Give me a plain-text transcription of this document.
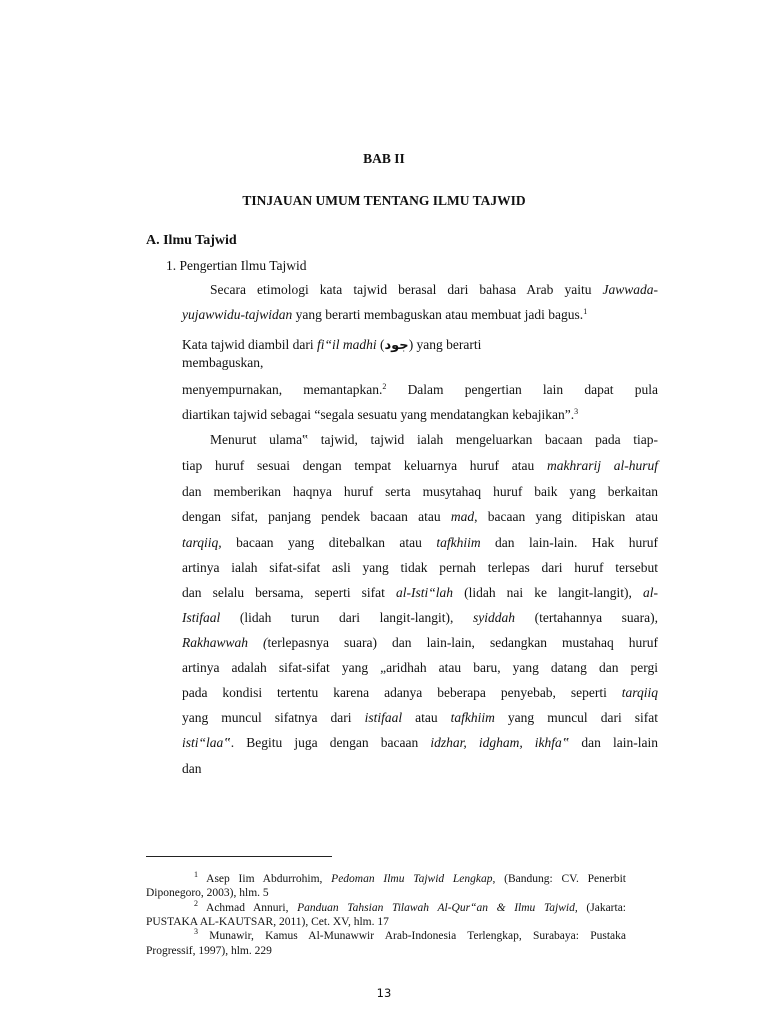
BAB II
TINJAUAN UMUM TENTANG ILMU TAJWID
A. Ilmu Tajwid
1. Pengertian Ilmu Tajwid
Secara etimologi kata tajwid berasal dari bahasa Arab yaitu Jawwada-
yujawwidu-tajwidan yang berarti membaguskan atau membuat jadi bagus.$^1$
Kata tajwid diambil dari fi“il madhi (جود) yang berarti
membaguskan,
menyempurnakan, memantapkan.$^2$ Dalam pengertian lain dapat pula
diartikan tajwid sebagai “segala sesuatu yang mendatangkan kebajikan”.$^3$
Menurut ulama‟ tajwid, tajwid ialah mengeluarkan bacaan pada tiap-
tiap huruf sesuai dengan tempat keluarnya huruf atau makhrarij al-huruf
dan memberikan haqnya huruf serta musytahaq huruf baik yang berkaitan
dengan sifat, panjang pendek bacaan atau mad, bacaan yang ditipiskan atau
tarqiiq, bacaan yang ditebalkan atau tafkhiim dan lain-lain. Hak huruf
artinya ialah sifat-sifat asli yang tidak pernah terlepas dari huruf tersebut
dan selalu bersama, seperti sifat al-Isti“lah (lidah nai ke langit-langit), al-
Istifaal (lidah turun dari langit-langit), syiddah (tertahannya suara),
Rakhawwah (terlepasnya suara) dan lain-lain, sedangkan mustahaq huruf
artinya adalah sifat-sifat yang „aridhah atau baru, yang datang dan pergi
pada kondisi tertentu karena adanya beberapa penyebab, seperti tarqiiq
yang muncul sifatnya dari istifaal atau tafkhiim yang muncul dari sifat
isti“laa‟. Begitu juga dengan bacaan idzhar, idgham, ikhfa‟ dan lain-lain
dan
$^1$ Asep Iim Abdurrohim, Pedoman Ilmu Tajwid Lengkap, (Bandung: CV. Penerbit
Diponegoro, 2003), hlm. 5
$^2$ Achmad Annuri, Panduan Tahsian Tilawah Al-Qur“an & Ilmu Tajwid, (Jakarta:
PUSTAKA AL-KAUTSAR, 2011), Cet. XV, hlm. 17
$^3$ Munawir, Kamus Al-Munawwir Arab-Indonesia Terlengkap, Surabaya: Pustaka
Progressif, 1997), hlm. 229
13
